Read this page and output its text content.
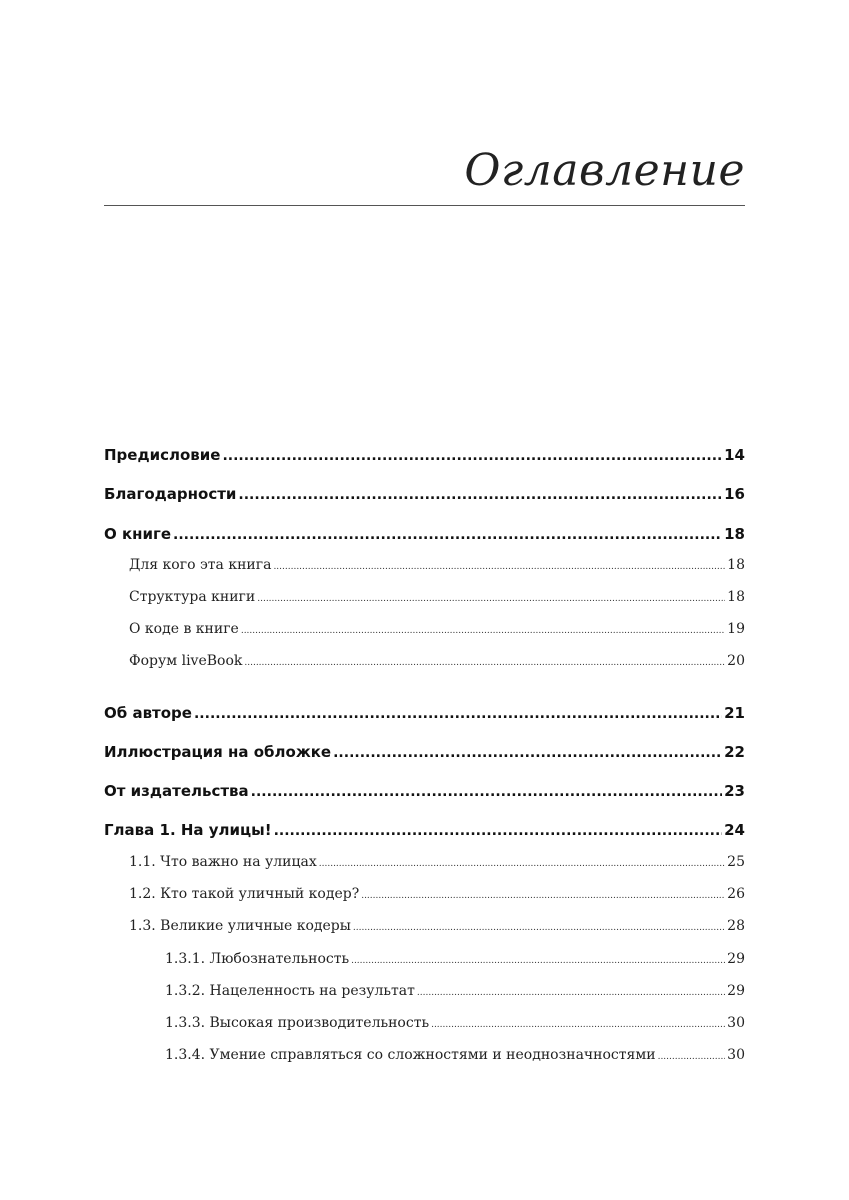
Оглавление
Предисловие .....	14
Благодарности .....	16
О книге .....	18
Для кого эта книга .....	18
Структура книги .....	18
О коде в книге .....	19
Форум liveBook .....	20
Об авторе .....	21
Иллюстрация на обложке .....	22
От издательства .....	23
Глава 1. На улицы! .....	24
1.1. Что важно на улицах .....	25
1.2. Кто такой уличный кодер? .....	26
1.3. Великие уличные кодеры .....	28
1.3.1. Любознательность .....	29
1.3.2. Нацеленность на результат .....	29
1.3.3. Высокая производительность .....	30
1.3.4. Умение справляться со сложностями и неоднозначностями .....	30
